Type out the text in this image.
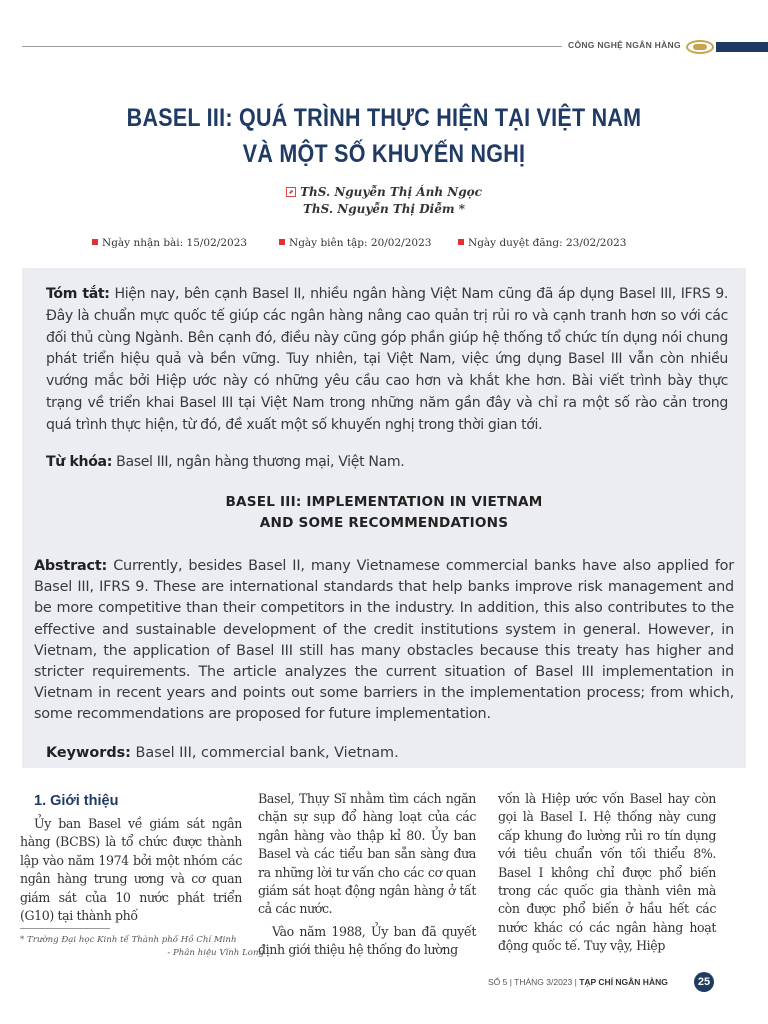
CÔNG NGHỆ NGÂN HÀNG
BASEL III: QUÁ TRÌNH THỰC HIỆN TẠI VIỆT NAM
VÀ MỘT SỐ KHUYẾN NGHỊ
ThS. Nguyễn Thị Ánh Ngọc
ThS. Nguyễn Thị Diễm *
Ngày nhận bài: 15/02/2023	Ngày biên tập: 20/02/2023	Ngày duyệt đăng: 23/02/2023
Tóm tắt: Hiện nay, bên cạnh Basel II, nhiều ngân hàng Việt Nam cũng đã áp dụng Basel III, IFRS 9. Đây là chuẩn mực quốc tế giúp các ngân hàng nâng cao quản trị rủi ro và cạnh tranh hơn so với các đối thủ cùng Ngành. Bên cạnh đó, điều này cũng góp phần giúp hệ thống tổ chức tín dụng nói chung phát triển hiệu quả và bền vững. Tuy nhiên, tại Việt Nam, việc ứng dụng Basel III vẫn còn nhiều vướng mắc bởi Hiệp ước này có những yêu cầu cao hơn và khắt khe hơn. Bài viết trình bày thực trạng về triển khai Basel III tại Việt Nam trong những năm gần đây và chỉ ra một số rào cản trong quá trình thực hiện, từ đó, đề xuất một số khuyến nghị trong thời gian tới.
Từ khóa: Basel III, ngân hàng thương mại, Việt Nam.
BASEL III: IMPLEMENTATION IN VIETNAM
AND SOME RECOMMENDATIONS
Abstract: Currently, besides Basel II, many Vietnamese commercial banks have also applied for Basel III, IFRS 9. These are international standards that help banks improve risk management and be more competitive than their competitors in the industry. In addition, this also contributes to the effective and sustainable development of the credit institutions system in general. However, in Vietnam, the application of Basel III still has many obstacles because this treaty has higher and stricter requirements. The article analyzes the current situation of Basel III implementation in Vietnam in recent years and points out some barriers in the implementation process; from which, some recommendations are proposed for future implementation.
Keywords: Basel III, commercial bank, Vietnam.
1. Giới thiệu

Ủy ban Basel về giám sát ngân hàng (BCBS) là tổ chức được thành lập vào năm 1974 bởi một nhóm các ngân hàng trung ương và cơ quan giám sát của 10 nước phát triển (G10) tại thành phố

Basel, Thụy Sĩ nhằm tìm cách ngăn chặn sự sụp đổ hàng loạt của các ngân hàng vào thập kỉ 80. Ủy ban Basel và các tiểu ban sẵn sàng đưa ra những lời tư vấn cho các cơ quan giám sát hoạt động ngân hàng ở tất cả các nước.

Vào năm 1988, Ủy ban đã quyết định giới thiệu hệ thống đo lường

vốn là Hiệp ước vốn Basel hay còn gọi là Basel I. Hệ thống này cung cấp khung đo lường rủi ro tín dụng với tiêu chuẩn vốn tối thiểu 8%. Basel I không chỉ được phổ biến trong các quốc gia thành viên mà còn được phổ biến ở hầu hết các nước khác có các ngân hàng hoạt động quốc tế. Tuy vậy, Hiệp

* Trường Đại học Kinh tế Thành phố Hồ Chí Minh
- Phân hiệu Vĩnh Long
SỐ 5 | THÁNG 3/2023 | TẠP CHÍ NGÂN HÀNG	25
